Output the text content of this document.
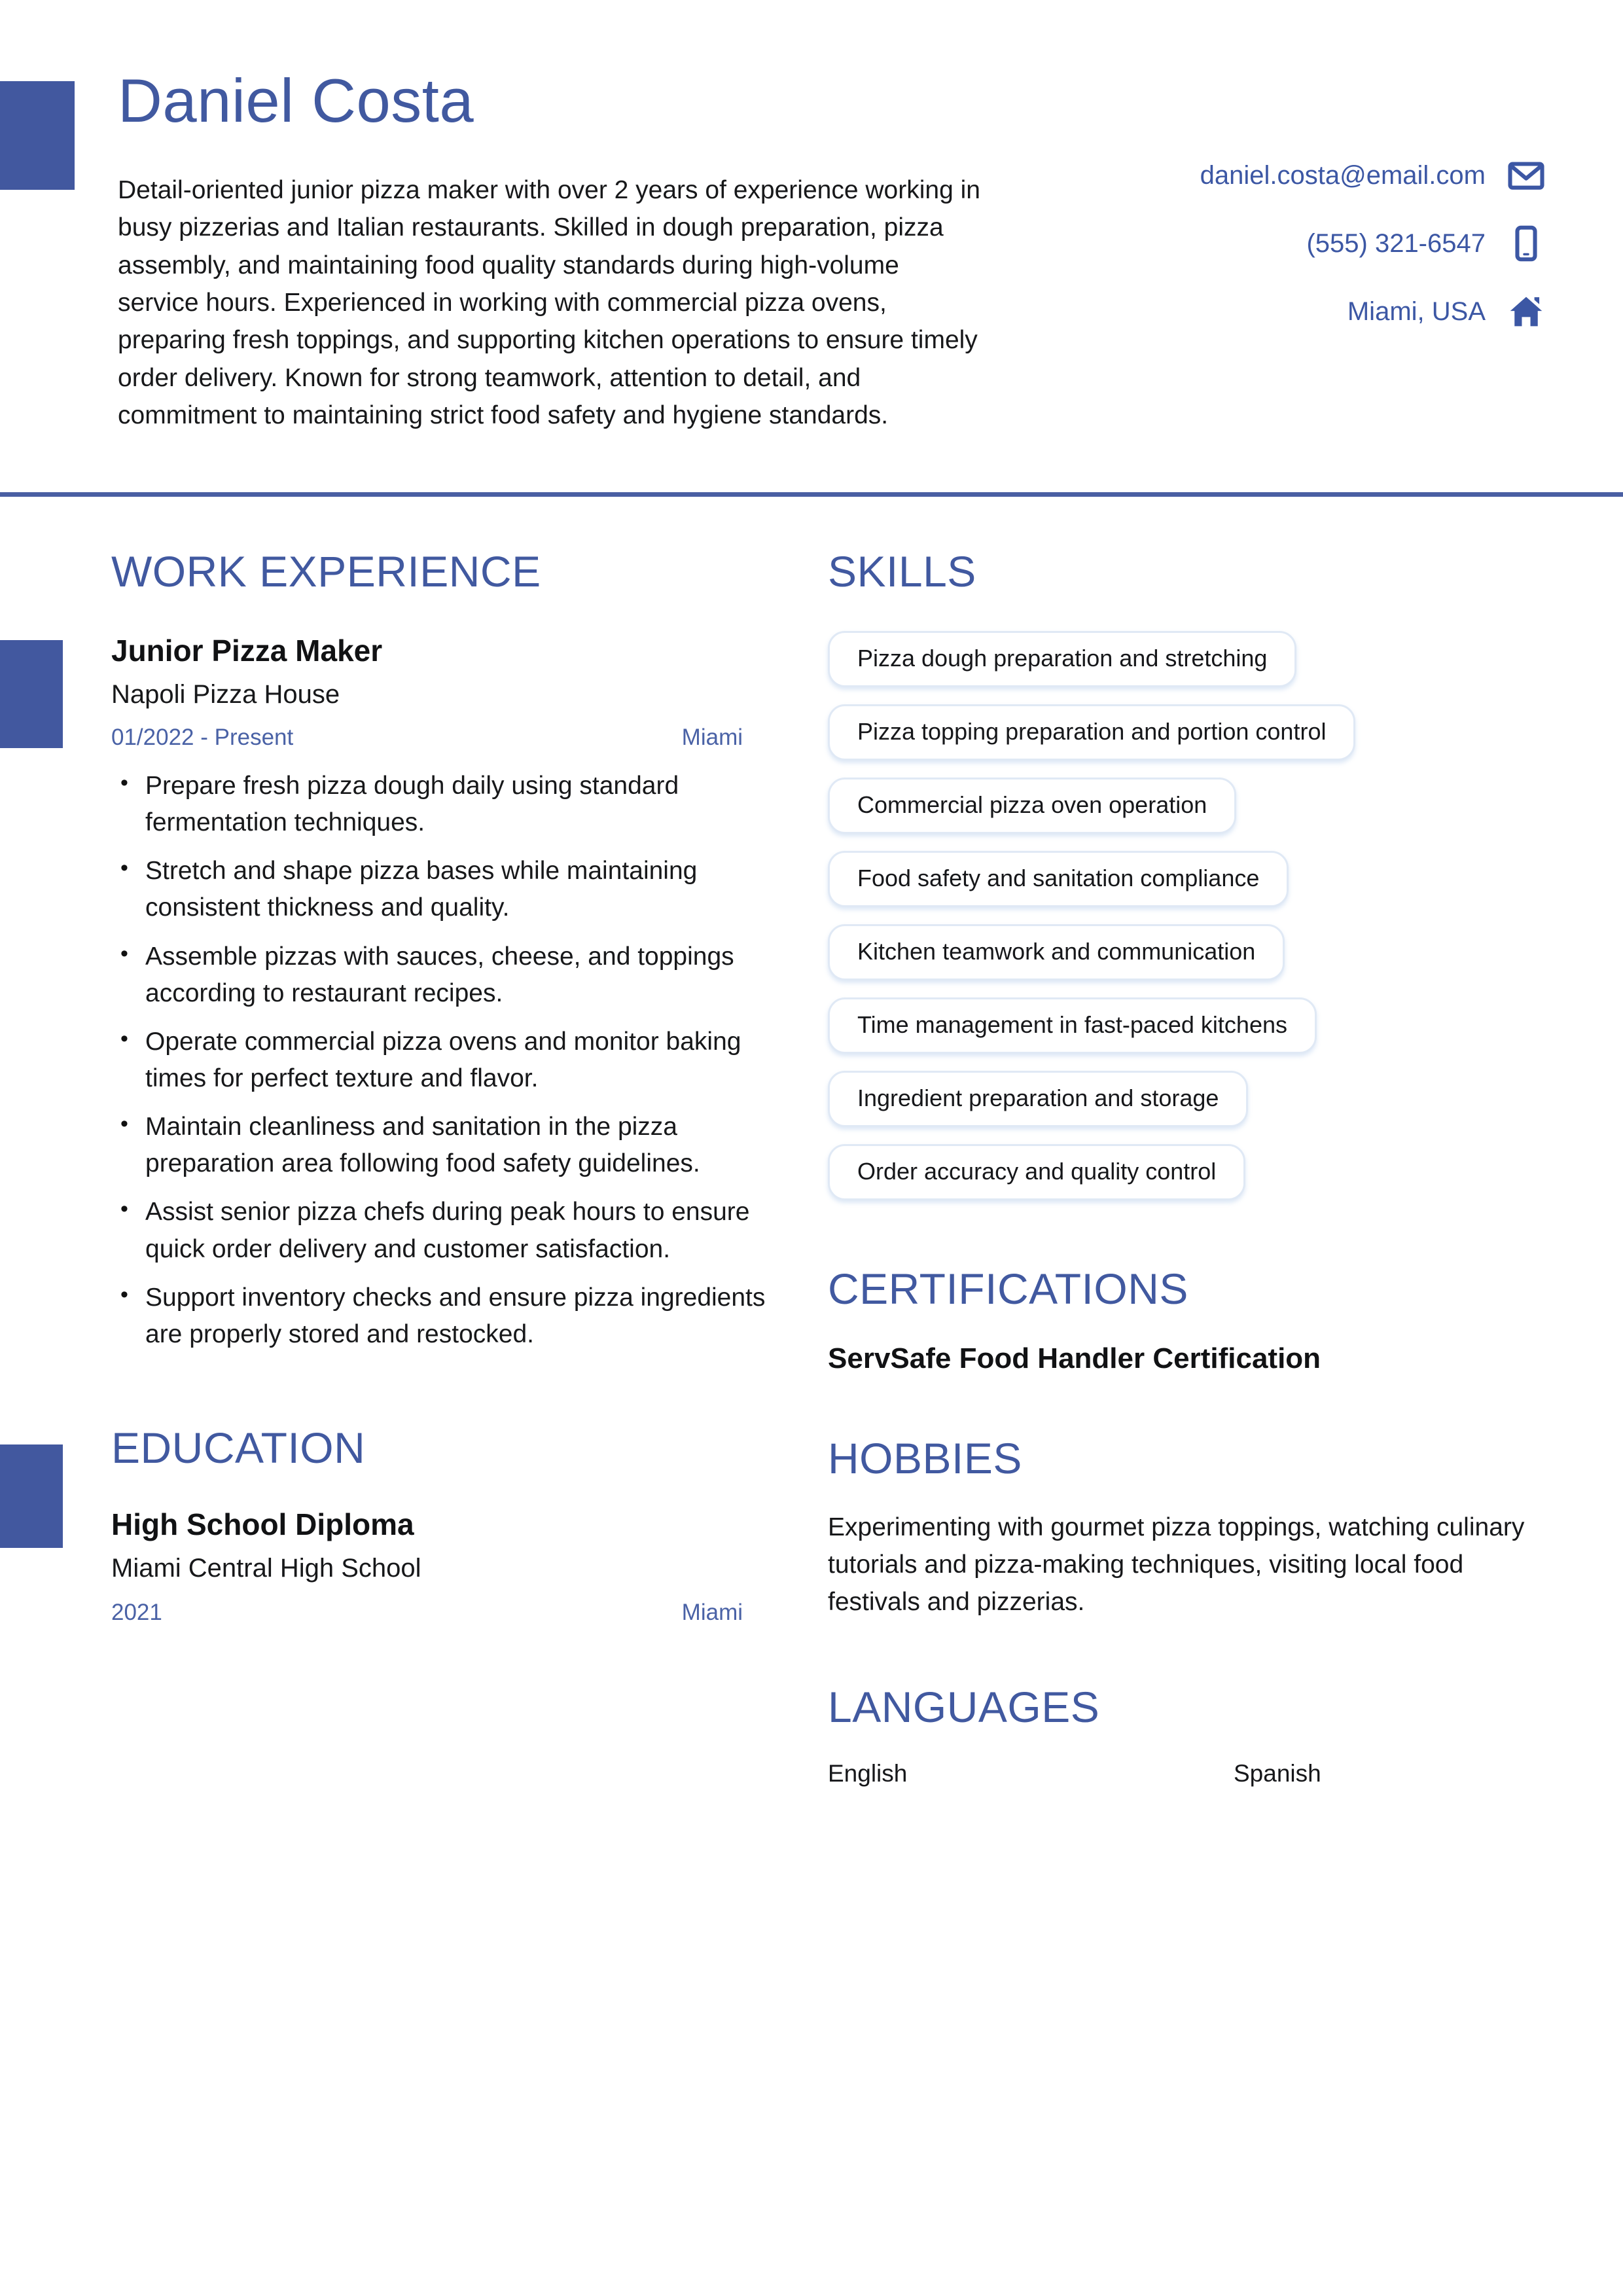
Daniel Costa
Detail-oriented junior pizza maker with over 2 years of experience working in busy pizzerias and Italian restaurants. Skilled in dough preparation, pizza assembly, and maintaining food quality standards during high-volume service hours. Experienced in working with commercial pizza ovens, preparing fresh toppings, and supporting kitchen operations to ensure timely order delivery. Known for strong teamwork, attention to detail, and commitment to maintaining strict food safety and hygiene standards.
daniel.costa@email.com
(555) 321-6547
Miami, USA
WORK EXPERIENCE
Junior Pizza Maker
Napoli Pizza House
01/2022 - Present	Miami
• Prepare fresh pizza dough daily using standard fermentation techniques.
• Stretch and shape pizza bases while maintaining consistent thickness and quality.
• Assemble pizzas with sauces, cheese, and toppings according to restaurant recipes.
• Operate commercial pizza ovens and monitor baking times for perfect texture and flavor.
• Maintain cleanliness and sanitation in the pizza preparation area following food safety guidelines.
• Assist senior pizza chefs during peak hours to ensure quick order delivery and customer satisfaction.
• Support inventory checks and ensure pizza ingredients are properly stored and restocked.
EDUCATION
High School Diploma
Miami Central High School
2021	Miami
SKILLS
Pizza dough preparation and stretching
Pizza topping preparation and portion control
Commercial pizza oven operation
Food safety and sanitation compliance
Kitchen teamwork and communication
Time management in fast-paced kitchens
Ingredient preparation and storage
Order accuracy and quality control
CERTIFICATIONS
ServSafe Food Handler Certification
HOBBIES
Experimenting with gourmet pizza toppings, watching culinary tutorials and pizza-making techniques, visiting local food festivals and pizzerias.
LANGUAGES
English	Spanish
